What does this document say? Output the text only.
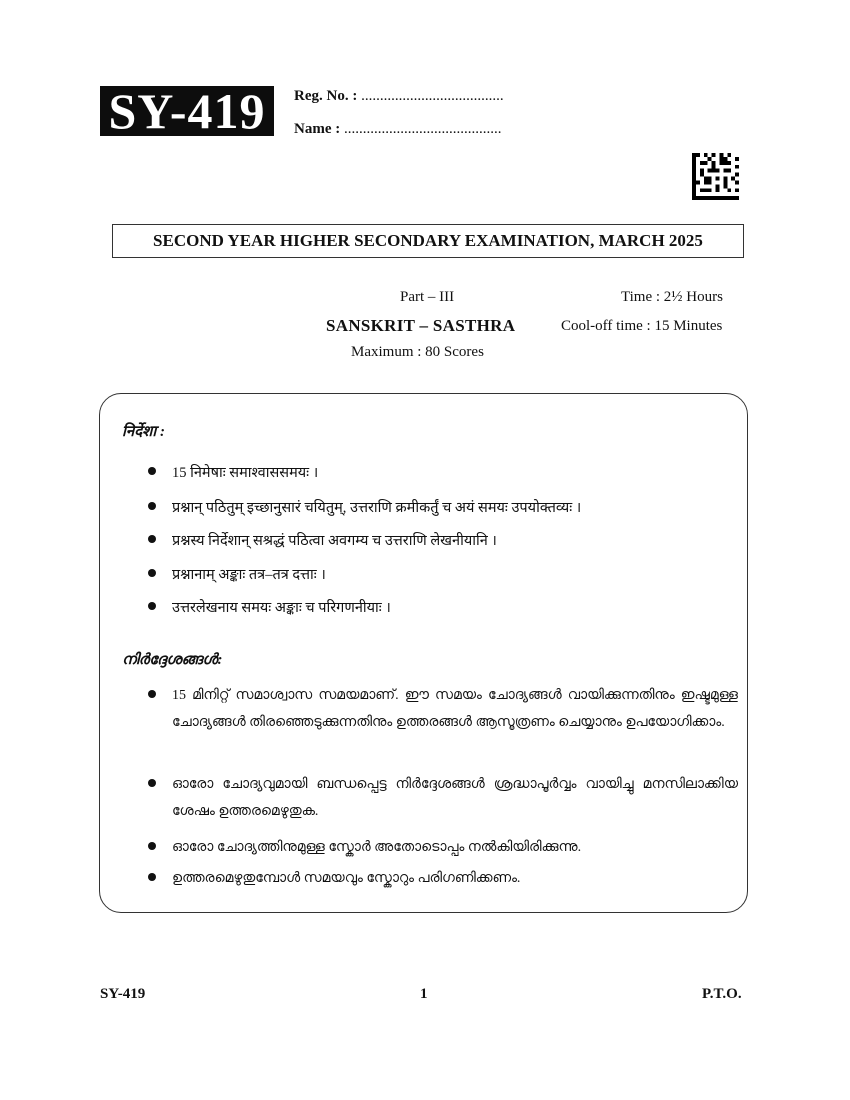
SY-419	Reg. No. : ......................................
Name : ..........................................
SECOND YEAR HIGHER SECONDARY EXAMINATION, MARCH 2025
Part – III	Time : 2½ Hours
SANSKRIT – SASTHRA	Cool-off time : 15 Minutes
Maximum : 80 Scores
निर्देशा :
15 निमेषाः समाश्वाससमयः ।
प्रश्नान् पठितुम् इच्छानुसारं चयितुम्, उत्तराणि क्रमीकर्तुं च अयं समयः उपयोक्तव्यः ।
प्रश्नस्य निर्देशान् सश्रद्धं पठित्वा अवगम्य च उत्तराणि लेखनीयानि ।
प्रश्नानाम् अङ्काः तत्र–तत्र दत्ताः ।
उत्तरलेखनाय समयः अङ्काः च परिगणनीयाः ।
നിർദ്ദേശങ്ങൾ:
15 മിനിറ്റ് സമാശ്വാസ സമയമാണ്. ഈ സമയം ചോദ്യങ്ങൾ വായിക്കുന്നതിനും ഇഷ്ടമുള്ള ചോദ്യങ്ങൾ തിരഞ്ഞെടുക്കുന്നതിനും ഉത്തരങ്ങൾ ആസൂത്രണം ചെയ്യാനും ഉപയോഗിക്കാം.
ഓരോ ചോദ്യവുമായി ബന്ധപ്പെട്ട നിർദ്ദേശങ്ങൾ ശ്രദ്ധാപൂർവ്വം വായിച്ചു മനസിലാക്കിയ ശേഷം ഉത്തരമെഴുതുക.
ഓരോ ചോദ്യത്തിനുമുള്ള സ്കോർ അതോടൊപ്പം നൽകിയിരിക്കുന്നു.
ഉത്തരമെഴുതുമ്പോൾ സമയവും സ്കോറും പരിഗണിക്കണം.
SY-419	1	P.T.O.
